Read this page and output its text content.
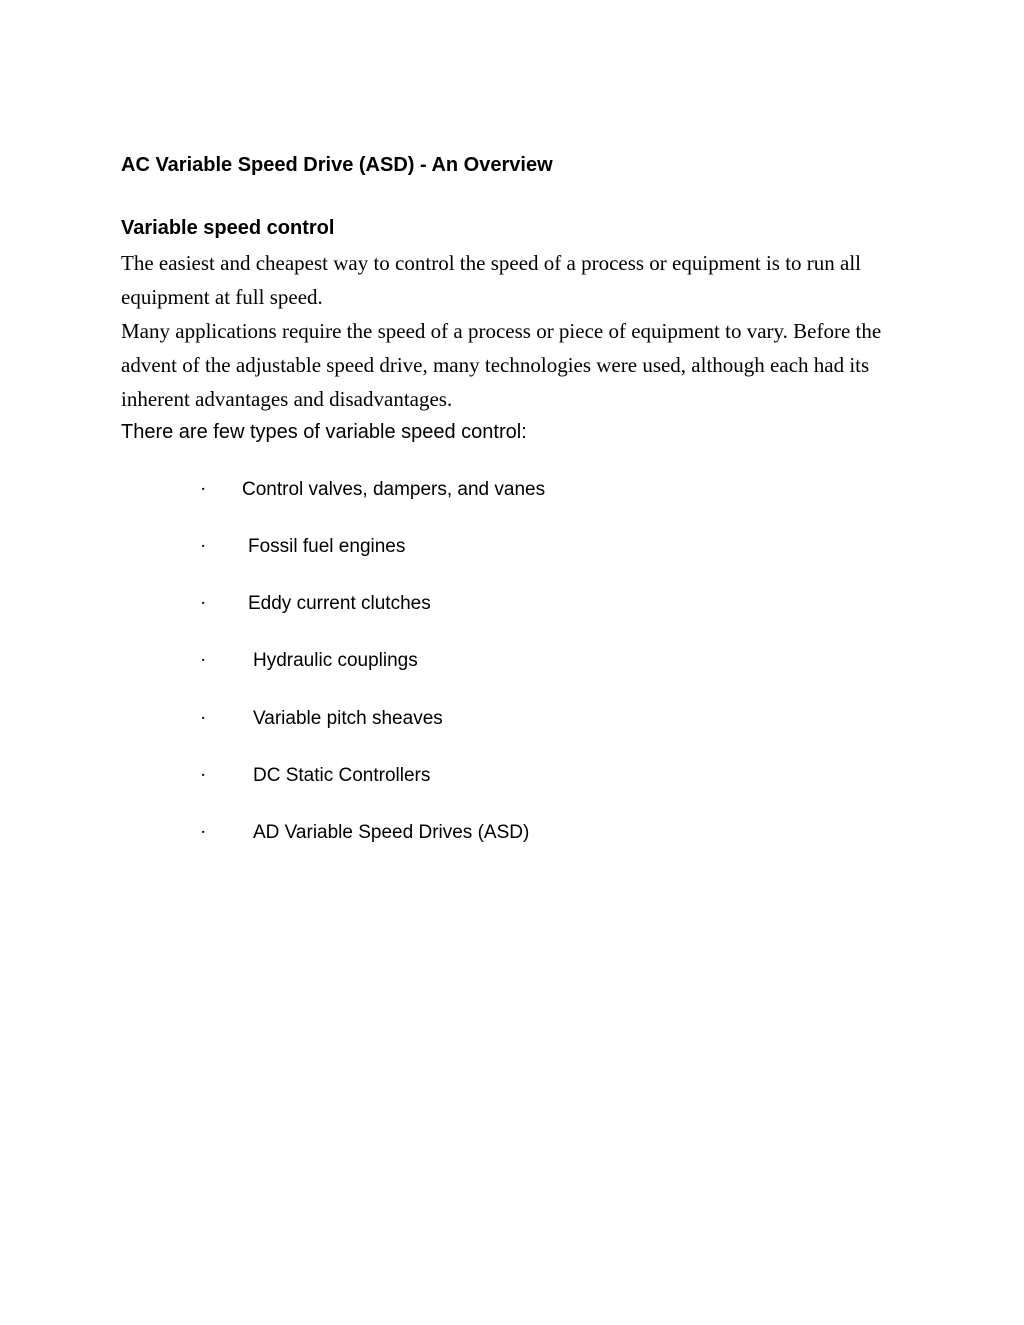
AC Variable Speed Drive (ASD) - An Overview
Variable speed control

The easiest and cheapest way to control the speed of a process or equipment is to run all equipment at full speed.

Many applications require the speed of a process or piece of equipment to vary. Before the advent of the adjustable speed drive, many technologies were used, although each had its inherent advantages and disadvantages.

There are few types of variable speed control:

· Control valves, dampers, and vanes
· Fossil fuel engines
· Eddy current clutches
· Hydraulic couplings
· Variable pitch sheaves
· DC Static Controllers
· AD Variable Speed Drives (ASD)
